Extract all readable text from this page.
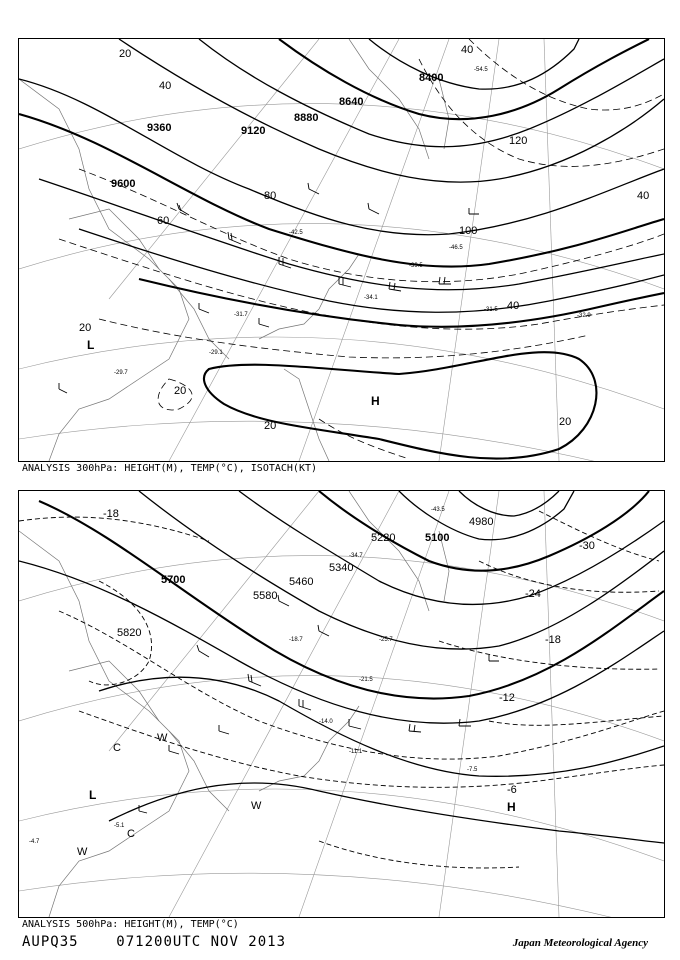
9600
9360	9120
8880
8640
8400
20
40
60
80
100
120
20
20
20	20
40
40
40
L
H
-29.1
-29.7
-31.7
-34.1
-39.5
-42.5
-46.5
-54.5
-31.5
-32.9
ANALYSIS 300hPa: HEIGHT(M), TEMP(°C), ISOTACH(KT)
5820
5700
5580
5460
5340
5220	5100
4980
-18
-30
-24
-18
-12
-6
L
H
C
C
W
W
W
-4.7
-5.1
-7.5
-11.1
-14.0
-18.7
-21.5
-25.7
-34.7
-43.5
ANALYSIS 500hPa: HEIGHT(M), TEMP(°C)
AUPQ35	071200UTC NOV 2013	Japan Meteorological Agency
